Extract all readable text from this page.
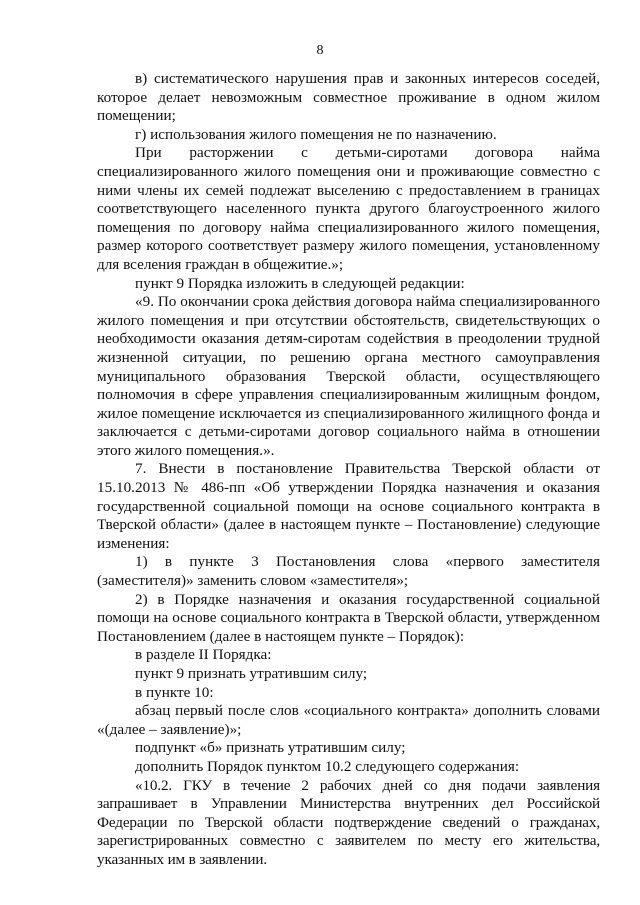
8

в) систематического нарушения прав и законных интересов соседей, которое делает невозможным совместное проживание в одном жилом помещении;

г) использования жилого помещения не по назначению.

При расторжении с детьми-сиротами договора найма специализированного жилого помещения они и проживающие совместно с ними члены их семей подлежат выселению с предоставлением в границах соответствующего населенного пункта другого благоустроенного жилого помещения по договору найма специализированного жилого помещения, размер которого соответствует размеру жилого помещения, установленному для вселения граждан в общежитие.»;

пункт 9 Порядка изложить в следующей редакции:

«9. По окончании срока действия договора найма специализированного жилого помещения и при отсутствии обстоятельств, свидетельствующих о необходимости оказания детям-сиротам содействия в преодолении трудной жизненной ситуации, по решению органа местного самоуправления муниципального образования Тверской области, осуществляющего полномочия в сфере управления специализированным жилищным фондом, жилое помещение исключается из специализированного жилищного фонда и заключается с детьми-сиротами договор социального найма в отношении этого жилого помещения.».

7. Внести в постановление Правительства Тверской области от 15.10.2013 № 486-пп «Об утверждении Порядка назначения и оказания государственной социальной помощи на основе социального контракта в Тверской области» (далее в настоящем пункте – Постановление) следующие изменения:

1) в пункте 3 Постановления слова «первого заместителя (заместителя)» заменить словом «заместителя»;

2) в Порядке назначения и оказания государственной социальной помощи на основе социального контракта в Тверской области, утвержденном Постановлением (далее в настоящем пункте – Порядок):

в разделе II Порядка:

пункт 9 признать утратившим силу;

в пункте 10:

абзац первый после слов «социального контракта» дополнить словами «(далее – заявление)»;

подпункт «б» признать утратившим силу;

дополнить Порядок пунктом 10.2 следующего содержания:

«10.2. ГКУ в течение 2 рабочих дней со дня подачи заявления запрашивает в Управлении Министерства внутренних дел Российской Федерации по Тверской области подтверждение сведений о гражданах, зарегистрированных совместно с заявителем по месту его жительства, указанных им в заявлении.
